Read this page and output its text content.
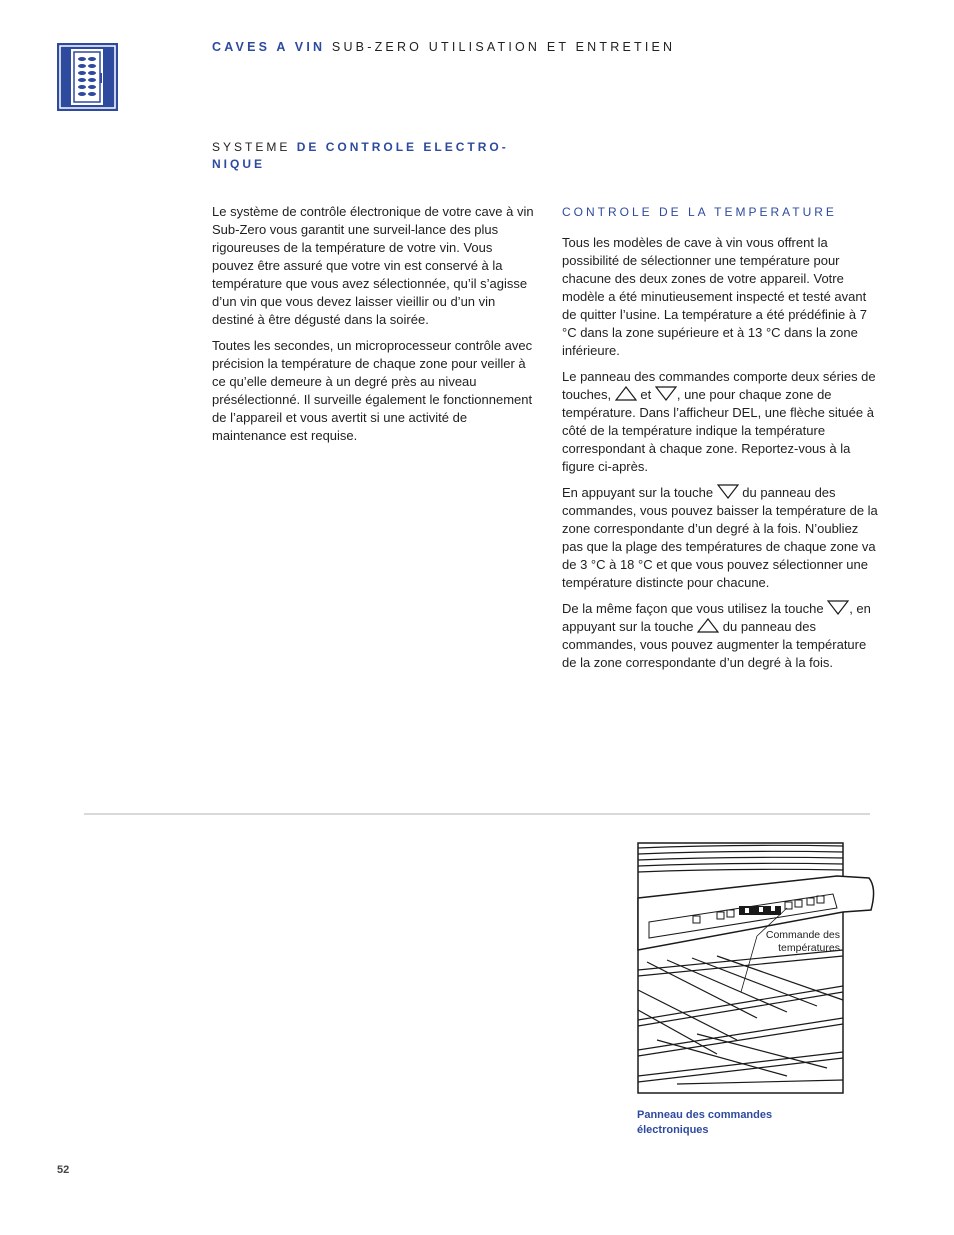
CAVES A VIN SUB-ZERO UTILISATION ET ENTRETIEN
SYSTEME DE CONTROLE ELECTRO-NIQUE

Le système de contrôle électronique de votre cave à vin Sub-Zero vous garantit une surveil-lance des plus rigoureuses de la température de votre vin. Vous pouvez être assuré que votre vin est conservé à la température que vous avez sélectionnée, qu’il s’agisse d’un vin que vous devez laisser vieillir ou d’un vin destiné à être dégusté dans la soirée.

Toutes les secondes, un microprocesseur contrôle avec précision la température de chaque zone pour veiller à ce qu’elle demeure à un degré près au niveau présélectionné. Il surveille également le fonctionnement de l’appareil et vous avertit si une activité de maintenance est requise.

CONTROLE DE LA TEMPERATURE

Tous les modèles de cave à vin vous offrent la possibilité de sélectionner une température pour chacune des deux zones de votre appareil. Votre modèle a été minutieusement inspecté et testé avant de quitter l’usine. La température a été prédéfinie à 7 °C dans la zone supérieure et à 13 °C dans la zone inférieure.

Le panneau des commandes comporte deux séries de touches,  et , une pour chaque zone de température. Dans l’afficheur DEL, une flèche située à côté de la température indique la température correspondant à chaque zone. Reportez-vous à la figure ci-après.

En appuyant sur la touche  du panneau des commandes, vous pouvez baisser la température de la zone correspondante d’un degré à la fois. N’oubliez pas que la plage des températures de chaque zone va de 3 °C à 18 °C et que vous pouvez sélectionner une température distincte pour chacune.

De la même façon que vous utilisez la touche , en appuyant sur la touche  du panneau des commandes, vous pouvez augmenter la température de la zone correspondante d’un degré à la fois.

Commande des températures
Panneau des commandes électroniques
52
